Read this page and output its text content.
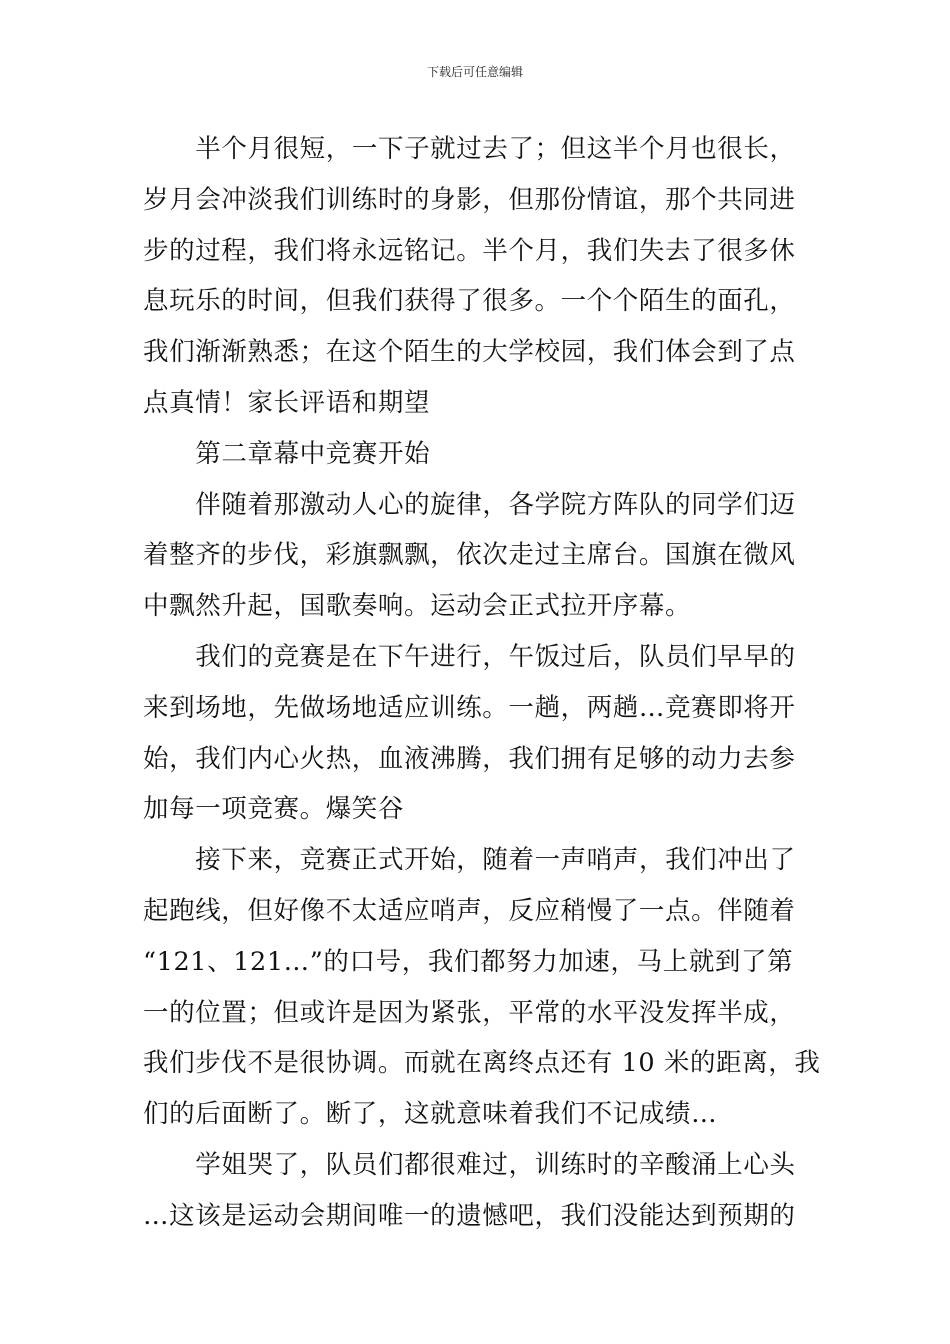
下载后可任意编辑
半个月很短，一下子就过去了；但这半个月也很长，
岁月会冲淡我们训练时的身影，但那份情谊，那个共同进
步的过程，我们将永远铭记。半个月，我们失去了很多休
息玩乐的时间，但我们获得了很多。一个个陌生的面孔，
我们渐渐熟悉；在这个陌生的大学校园，我们体会到了点
点真情！家长评语和期望
第二章幕中竞赛开始
伴随着那激动人心的旋律，各学院方阵队的同学们迈
着整齐的步伐，彩旗飘飘，依次走过主席台。国旗在微风
中飘然升起，国歌奏响。运动会正式拉开序幕。
我们的竞赛是在下午进行，午饭过后，队员们早早的
来到场地，先做场地适应训练。一趟，两趟…竞赛即将开
始，我们内心火热，血液沸腾，我们拥有足够的动力去参
加每一项竞赛。爆笑谷
接下来，竞赛正式开始，随着一声哨声，我们冲出了
起跑线，但好像不太适应哨声，反应稍慢了一点。伴随着
“121、121…”的口号，我们都努力加速，马上就到了第
一的位置；但或许是因为紧张，平常的水平没发挥半成，
我们步伐不是很协调。而就在离终点还有 10 米的距离，我
们的后面断了。断了，这就意味着我们不记成绩…
学姐哭了，队员们都很难过，训练时的辛酸涌上心头
…这该是运动会期间唯一的遗憾吧，我们没能达到预期的
